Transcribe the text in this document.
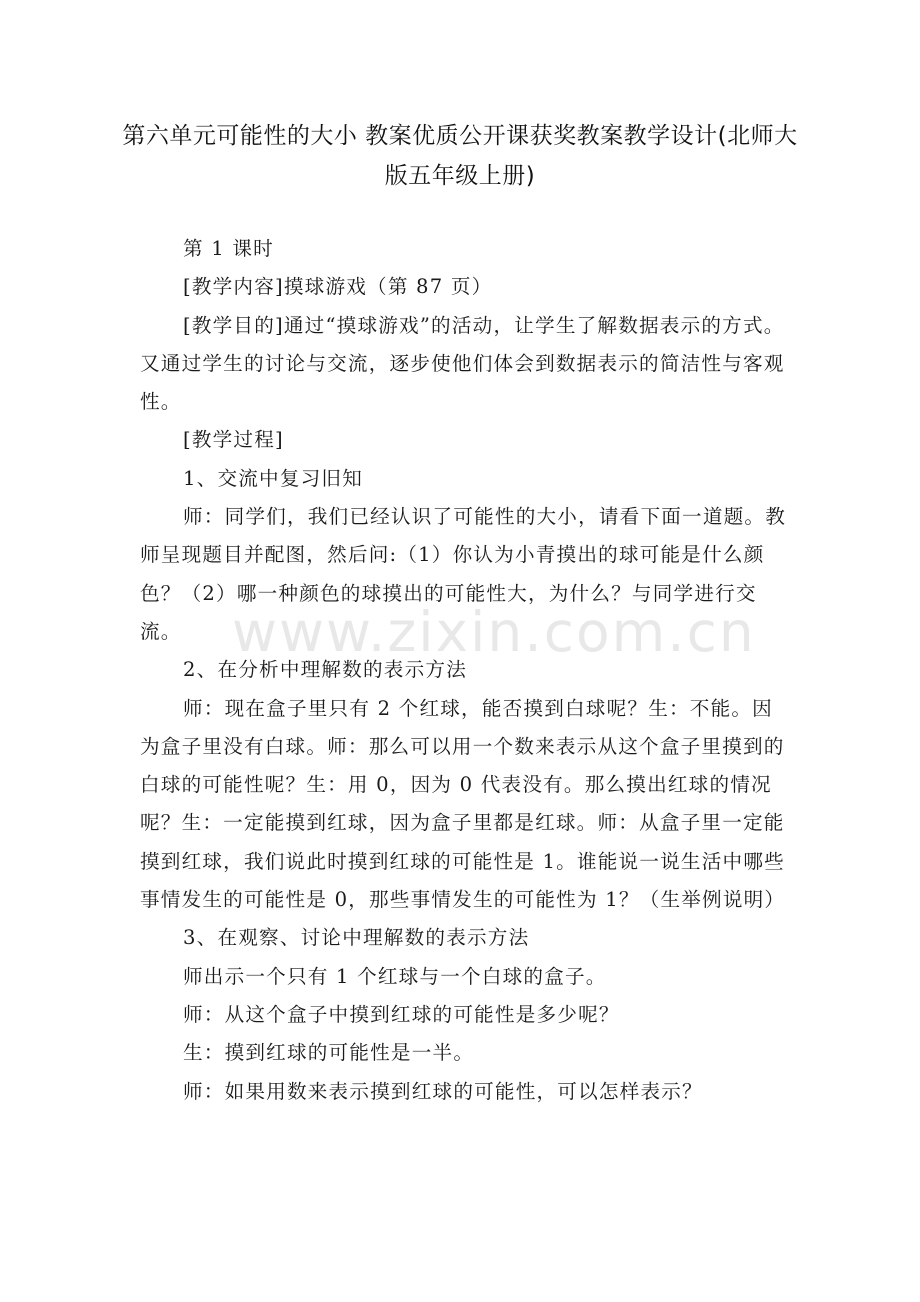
第六单元可能性的大小 教案优质公开课获奖教案教学设计(北师大
版五年级上册)

第 1 课时

[教学内容]摸球游戏（第 87 页）

[教学目的]通过“摸球游戏”的活动，让学生了解数据表示的方式。又通过学生的讨论与交流，逐步使他们体会到数据表示的简洁性与客观性。

[教学过程]

1、交流中复习旧知

师：同学们，我们已经认识了可能性的大小，请看下面一道题。教师呈现题目并配图，然后问:（1）你认为小青摸出的球可能是什么颜色？（2）哪一种颜色的球摸出的可能性大，为什么？与同学进行交流。

2、在分析中理解数的表示方法

师：现在盒子里只有 2 个红球，能否摸到白球呢？生：不能。因为盒子里没有白球。师：那么可以用一个数来表示从这个盒子里摸到的白球的可能性呢？生：用 0，因为 0 代表没有。那么摸出红球的情况呢？生：一定能摸到红球，因为盒子里都是红球。师：从盒子里一定能摸到红球，我们说此时摸到红球的可能性是 1。谁能说一说生活中哪些事情发生的可能性是 0，那些事情发生的可能性为 1？（生举例说明）

3、在观察、讨论中理解数的表示方法

师出示一个只有 1 个红球与一个白球的盒子。

师：从这个盒子中摸到红球的可能性是多少呢？

生：摸到红球的可能性是一半。

师：如果用数来表示摸到红球的可能性，可以怎样表示？

www.zixin.com.cn
